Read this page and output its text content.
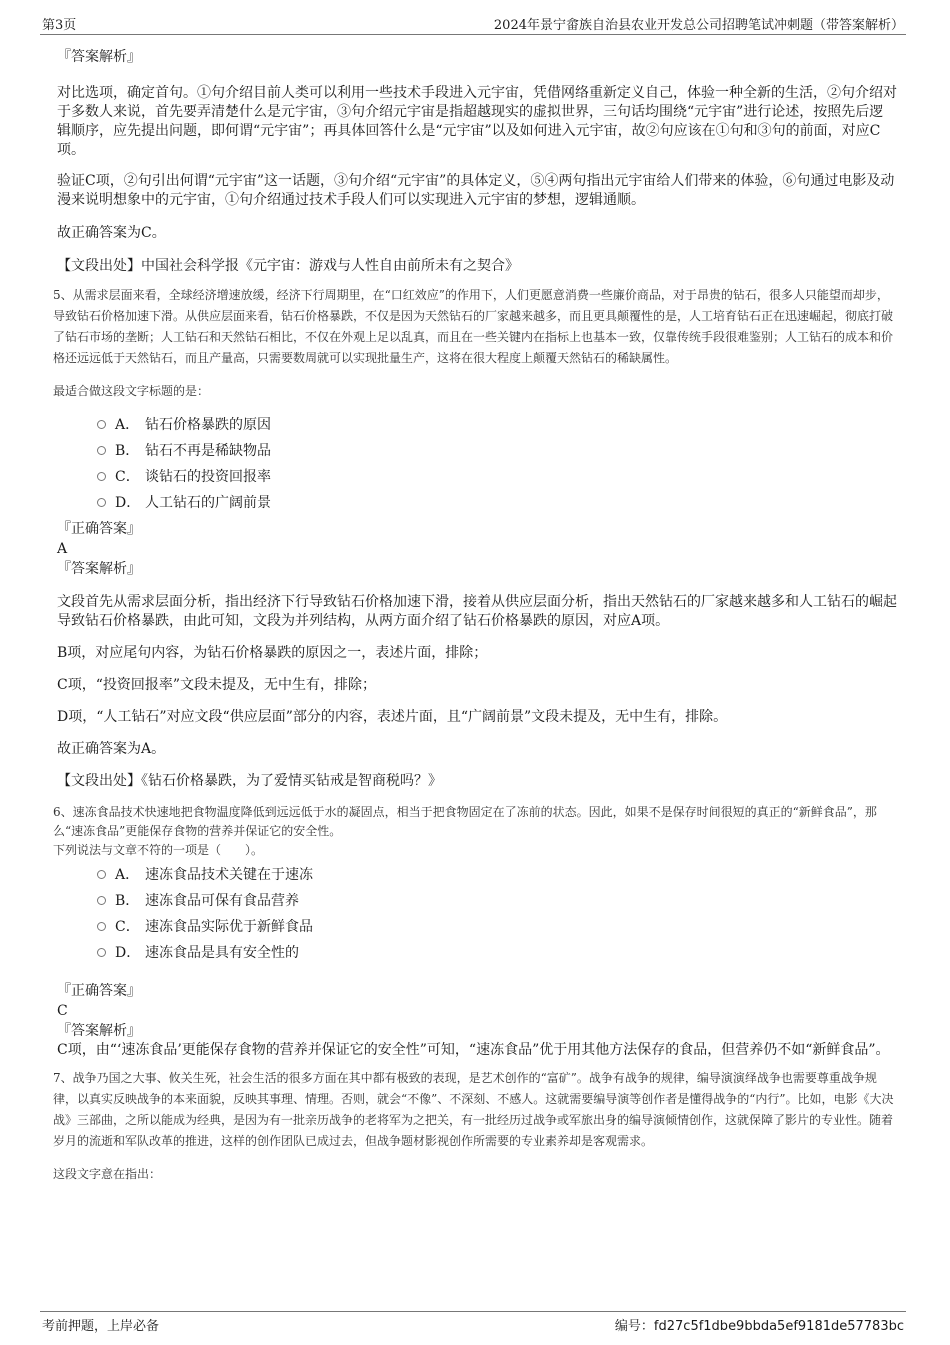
第3页	2024年景宁畲族自治县农业开发总公司招聘笔试冲刺题（带答案解析）

『答案解析』

对比选项，确定首句。①句介绍目前人类可以利用一些技术手段进入元宇宙，凭借网络重新定义自己，体验一种全新的生活，②句介绍对于多数人来说，首先要弄清楚什么是元宇宙，③句介绍元宇宙是指超越现实的虚拟世界，三句话均围绕“元宇宙”进行论述，按照先后逻辑顺序，应先提出问题，即何谓“元宇宙”；再具体回答什么是“元宇宙”以及如何进入元宇宙，故②句应该在①句和③句的前面，对应C项。

验证C项，②句引出何谓“元宇宙”这一话题，③句介绍“元宇宙”的具体定义，⑤④两句指出元宇宙给人们带来的体验，⑥句通过电影及动漫来说明想象中的元宇宙，①句介绍通过技术手段人们可以实现进入元宇宙的梦想，逻辑通顺。

故正确答案为C。

【文段出处】中国社会科学报《元宇宙：游戏与人性自由前所未有之契合》

5、从需求层面来看，全球经济增速放缓，经济下行周期里，在“口红效应”的作用下，人们更愿意消费一些廉价商品，对于昂贵的钻石，很多人只能望而却步，导致钻石价格加速下滑。从供应层面来看，钻石价格暴跌，不仅是因为天然钻石的厂家越来越多，而且更具颠覆性的是，人工培育钻石正在迅速崛起，彻底打破了钻石市场的垄断；人工钻石和天然钻石相比，不仅在外观上足以乱真，而且在一些关键内在指标上也基本一致，仅靠传统手段很难鉴别；人工钻石的成本和价格还远远低于天然钻石，而且产量高，只需要数周就可以实现批量生产，这将在很大程度上颠覆天然钻石的稀缺属性。

最适合做这段文字标题的是：

A． 钻石价格暴跌的原因
B． 钻石不再是稀缺物品
C． 谈钻石的投资回报率
D． 人工钻石的广阔前景

『正确答案』

A

『答案解析』

文段首先从需求层面分析，指出经济下行导致钻石价格加速下滑，接着从供应层面分析，指出天然钻石的厂家越来越多和人工钻石的崛起导致钻石价格暴跌，由此可知，文段为并列结构，从两方面介绍了钻石价格暴跌的原因，对应A项。

B项，对应尾句内容，为钻石价格暴跌的原因之一，表述片面，排除；

C项，“投资回报率”文段未提及，无中生有，排除；

D项，“人工钻石”对应文段“供应层面”部分的内容，表述片面，且“广阔前景”文段未提及，无中生有，排除。

故正确答案为A。

【文段出处】《钻石价格暴跌，为了爱情买钻戒是智商税吗？》

6、速冻食品技术快速地把食物温度降低到远远低于水的凝固点，相当于把食物固定在了冻前的状态。因此，如果不是保存时间很短的真正的“新鲜食品”，那么“速冻食品”更能保存食物的营养并保证它的安全性。

下列说法与文章不符的一项是（　　）。

A． 速冻食品技术关键在于速冻
B． 速冻食品可保有食品营养
C． 速冻食品实际优于新鲜食品
D． 速冻食品是具有安全性的

『正确答案』

C

『答案解析』

C项，由“‘速冻食品’更能保存食物的营养并保证它的安全性”可知，“速冻食品”优于用其他方法保存的食品，但营养仍不如“新鲜食品”。

7、战争乃国之大事、攸关生死，社会生活的很多方面在其中都有极致的表现，是艺术创作的“富矿”。战争有战争的规律，编导演演绎战争也需要尊重战争规律，以真实反映战争的本来面貌，反映其事理、情理。否则，就会“不像”、不深刻、不感人。这就需要编导演等创作者是懂得战争的“内行”。比如，电影《大决战》三部曲，之所以能成为经典，是因为有一批亲历战争的老将军为之把关，有一批经历过战争或军旅出身的编导演倾情创作，这就保障了影片的专业性。随着岁月的流逝和军队改革的推进，这样的创作团队已成过去，但战争题材影视创作所需要的专业素养却是客观需求。

这段文字意在指出：

考前押题，上岸必备	编号：fd27c5f1dbe9bbda5ef9181de57783bc
